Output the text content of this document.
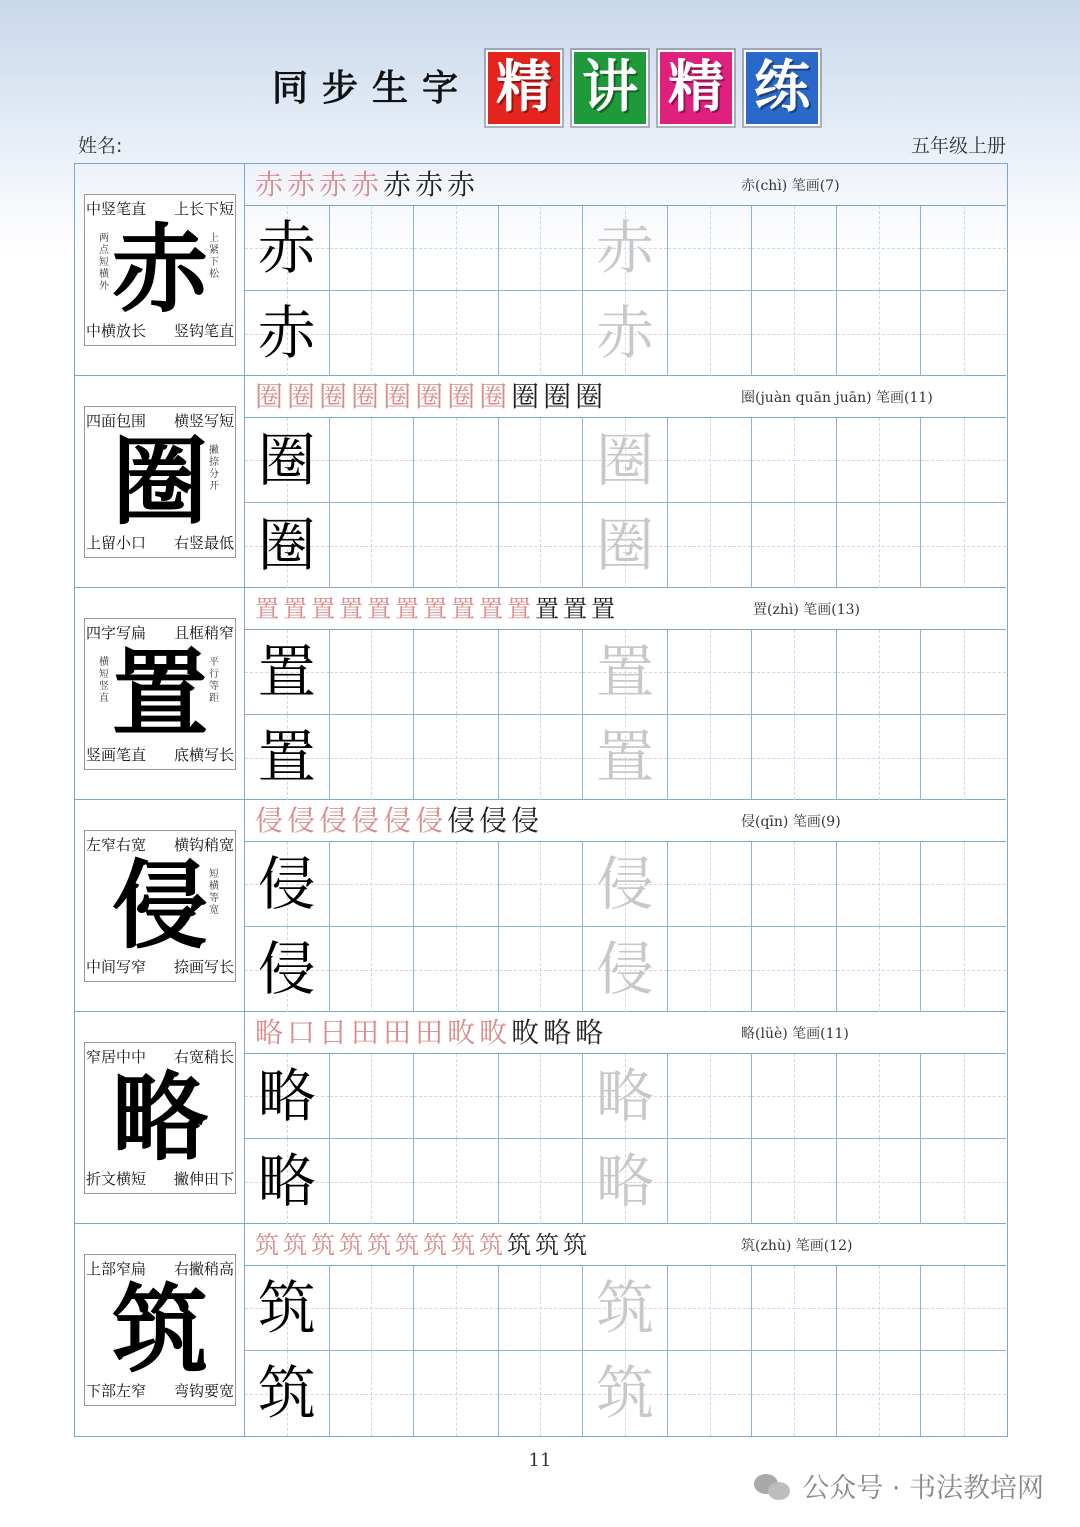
同步生字 精 讲 精 练
姓名:	五年级上册
中竖笔直 上长下短
中横放长 竖钩笔直
赤
两点短横外
上紧下松
赤 赤 赤 赤 赤 赤 赤	赤(chì) 笔画(7)
赤	赤
赤	赤
四面包围 横竖写短
上留小口 右竖最低
圈 撇捺分开
圈 圈 圈 圈 圈 圈 圈 圈 圈 圈 圈	圈(juàn quān juān) 笔画(11)
圈	圈
圈	圈
四字写扁 且框稍窄
竖画笔直 底横写长
置
横短竖直
平行等距
置 置 置 置 置 置 置 置 置 置 置 置 置	置(zhì) 笔画(13)
置	置
置	置
左窄右宽 横钩稍宽
中间写窄 捺画写长
侵 短横等宽
侵 侵 侵 侵 侵 侵 侵 侵 侵	侵(qīn) 笔画(9)
侵	侵
侵	侵
窄居中中 右宽稍长
折文横短 撇伸田下
略
略 口 日 田 田 田 畋 畋 畋 略 略	略(lüè) 笔画(11)
略	略
略	略
上部窄扁 右撇稍高
下部左窄 弯钩要宽
筑
筑 筑 筑 筑 筑 筑 筑 筑 筑 筑 筑 筑	筑(zhù) 笔画(12)
筑	筑
筑	筑
11
公众号 · 书法教培网
